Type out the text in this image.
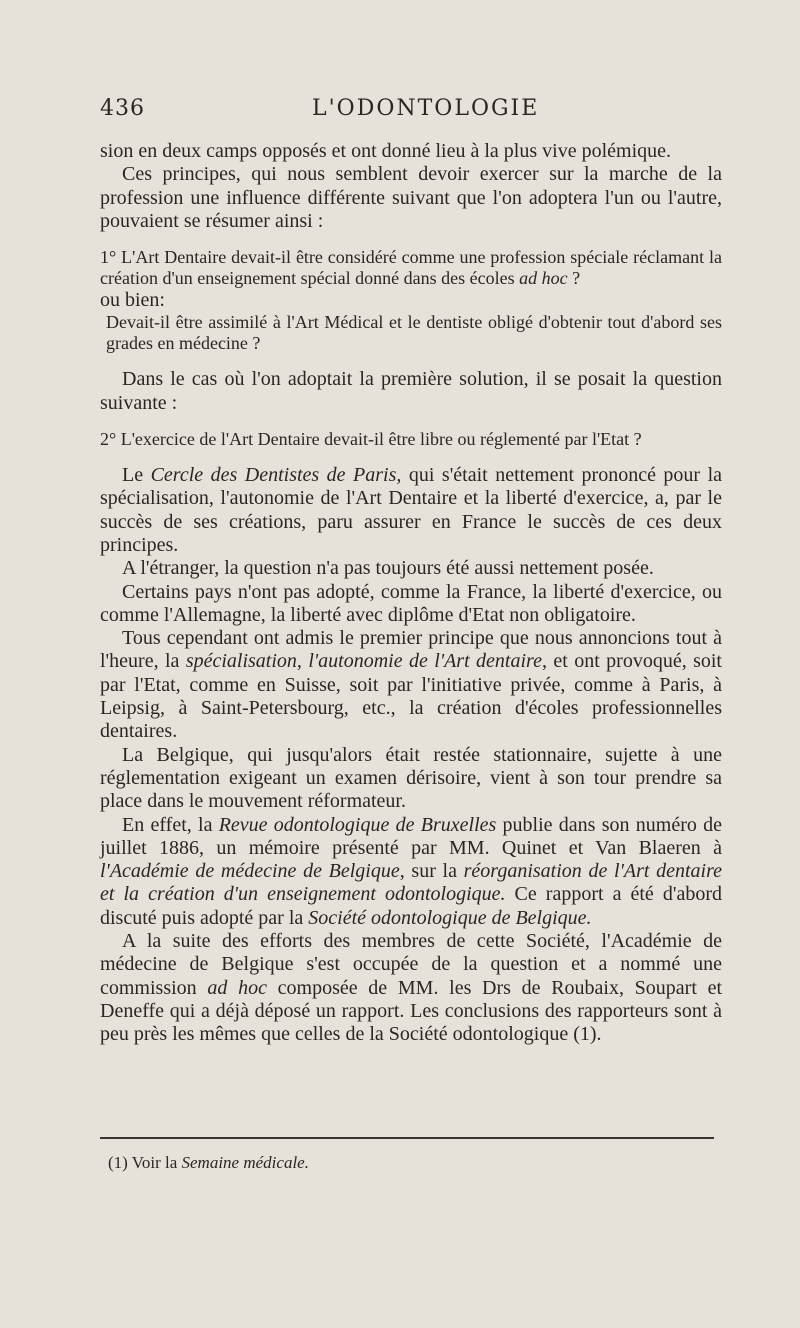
436	L'ODONTOLOGIE

sion en deux camps opposés et ont donné lieu à la plus vive polémique.

Ces principes, qui nous semblent devoir exercer sur la marche de la profession une influence différente suivant que l'on adoptera l'un ou l'autre, pouvaient se résumer ainsi :

1° L'Art Dentaire devait-il être considéré comme une profession spéciale réclamant la création d'un enseignement spécial donné dans des écoles ad hoc ?

ou bien:

Devait-il être assimilé à l'Art Médical et le dentiste obligé d'obtenir tout d'abord ses grades en médecine ?

Dans le cas où l'on adoptait la première solution, il se posait la question suivante :

2° L'exercice de l'Art Dentaire devait-il être libre ou réglementé par l'Etat ?

Le Cercle des Dentistes de Paris, qui s'était nettement prononcé pour la spécialisation, l'autonomie de l'Art Dentaire et la liberté d'exercice, a, par le succès de ses créations, paru assurer en France le succès de ces deux principes.

A l'étranger, la question n'a pas toujours été aussi nettement posée.

Certains pays n'ont pas adopté, comme la France, la liberté d'exercice, ou comme l'Allemagne, la liberté avec diplôme d'Etat non obligatoire.

Tous cependant ont admis le premier principe que nous annoncions tout à l'heure, la spécialisation, l'autonomie de l'Art dentaire, et ont provoqué, soit par l'Etat, comme en Suisse, soit par l'initiative privée, comme à Paris, à Leipsig, à Saint-Petersbourg, etc., la création d'écoles professionnelles dentaires.

La Belgique, qui jusqu'alors était restée stationnaire, sujette à une réglementation exigeant un examen dérisoire, vient à son tour prendre sa place dans le mouvement réformateur.

En effet, la Revue odontologique de Bruxelles publie dans son numéro de juillet 1886, un mémoire présenté par MM. Quinet et Van Blaeren à l'Académie de médecine de Belgique, sur la réorganisation de l'Art dentaire et la création d'un enseignement odontologique. Ce rapport a été d'abord discuté puis adopté par la Société odontologique de Belgique.

A la suite des efforts des membres de cette Société, l'Académie de médecine de Belgique s'est occupée de la question et a nommé une commission ad hoc composée de MM. les Drs de Roubaix, Soupart et Deneffe qui a déjà déposé un rapport. Les conclusions des rapporteurs sont à peu près les mêmes que celles de la Société odontologique (1).

(1) Voir la Semaine médicale.
